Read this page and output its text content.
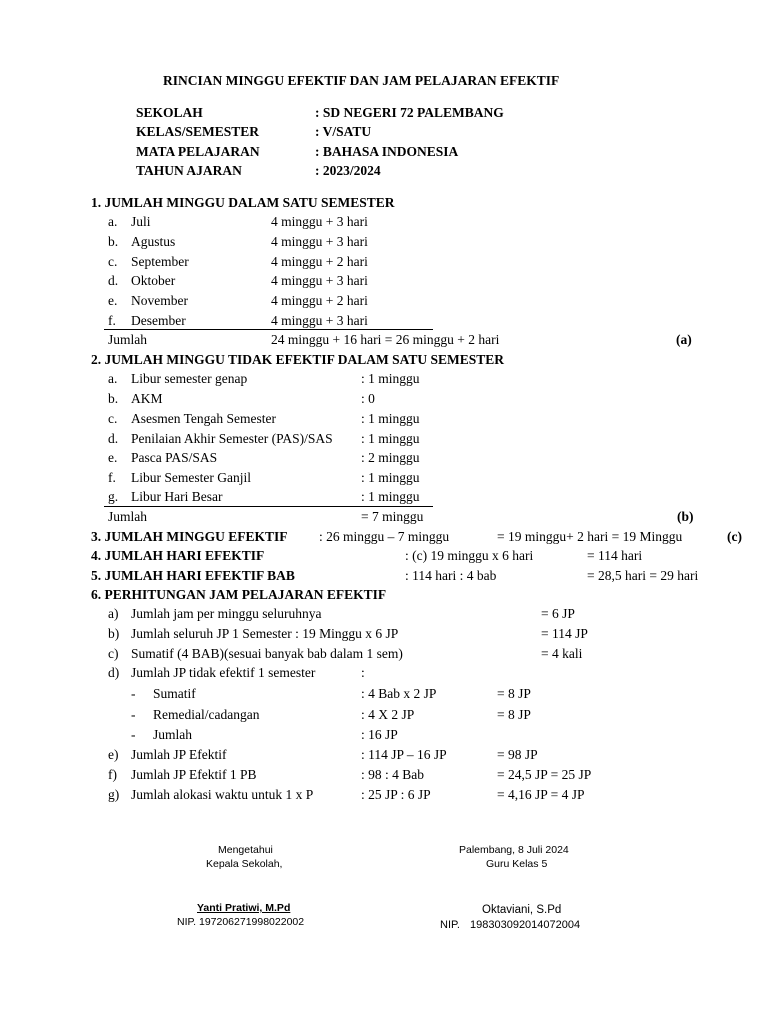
RINCIAN MINGGU EFEKTIF DAN JAM PELAJARAN EFEKTIF
SEKOLAH	: SD NEGERI 72 PALEMBANG
KELAS/SEMESTER	: V/SATU
MATA PELAJARAN	: BAHASA INDONESIA
TAHUN AJARAN	: 2023/2024
1. JUMLAH MINGGU DALAM SATU SEMESTER
a. Juli	4 minggu + 3 hari
b. Agustus	4 minggu + 3 hari
c. September	4 minggu + 2 hari
d. Oktober	4 minggu + 3 hari
e. November	4 minggu + 2 hari
f. Desember	4 minggu + 3 hari
Jumlah	24 minggu + 16 hari = 26 minggu + 2 hari	(a)
2. JUMLAH MINGGU TIDAK EFEKTIF DALAM SATU SEMESTER
a. Libur semester genap	: 1 minggu
b. AKM	: 0
c. Asesmen Tengah Semester	: 1 minggu
d. Penilaian Akhir Semester (PAS)/SAS : 1 minggu
e. Pasca PAS/SAS	: 2 minggu
f. Libur Semester Ganjil	: 1 minggu
g. Libur Hari Besar	: 1 minggu
Jumlah	= 7 minggu	(b)
3. JUMLAH MINGGU EFEKTIF : 26 minggu – 7 minggu	= 19 minggu+ 2 hari = 19 Minggu	(c)
4. JUMLAH HARI EFEKTIF	: (c) 19 minggu x 6 hari	= 114 hari
5. JUMLAH HARI EFEKTIF BAB	: 114 hari : 4 bab	= 28,5 hari = 29 hari
6. PERHITUNGAN JAM PELAJARAN EFEKTIF
a) Jumlah jam per minggu seluruhnya	= 6 JP
b) Jumlah seluruh JP 1 Semester : 19 Minggu x 6 JP	= 114 JP
c) Sumatif (4 BAB)(sesuai banyak bab dalam 1 sem)	= 4 kali
d) Jumlah JP tidak efektif 1 semester	:
- Sumatif	: 4 Bab x 2 JP	= 8 JP
- Remedial/cadangan	: 4 X 2 JP	= 8 JP
- Jumlah	: 16 JP
e) Jumlah JP Efektif	: 114 JP – 16 JP	= 98 JP
f) Jumlah JP Efektif 1 PB	: 98 : 4 Bab	= 24,5 JP = 25 JP
g) Jumlah alokasi waktu untuk 1 x P	: 25 JP : 6 JP	= 4,16 JP = 4 JP
Mengetahui
Kepala Sekolah,
Yanti Pratiwi, M.Pd
NIP. 197206271998022002
Palembang, 8 Juli 2024
Guru Kelas 5
Oktaviani, S.Pd
NIP. 198303092014072004
